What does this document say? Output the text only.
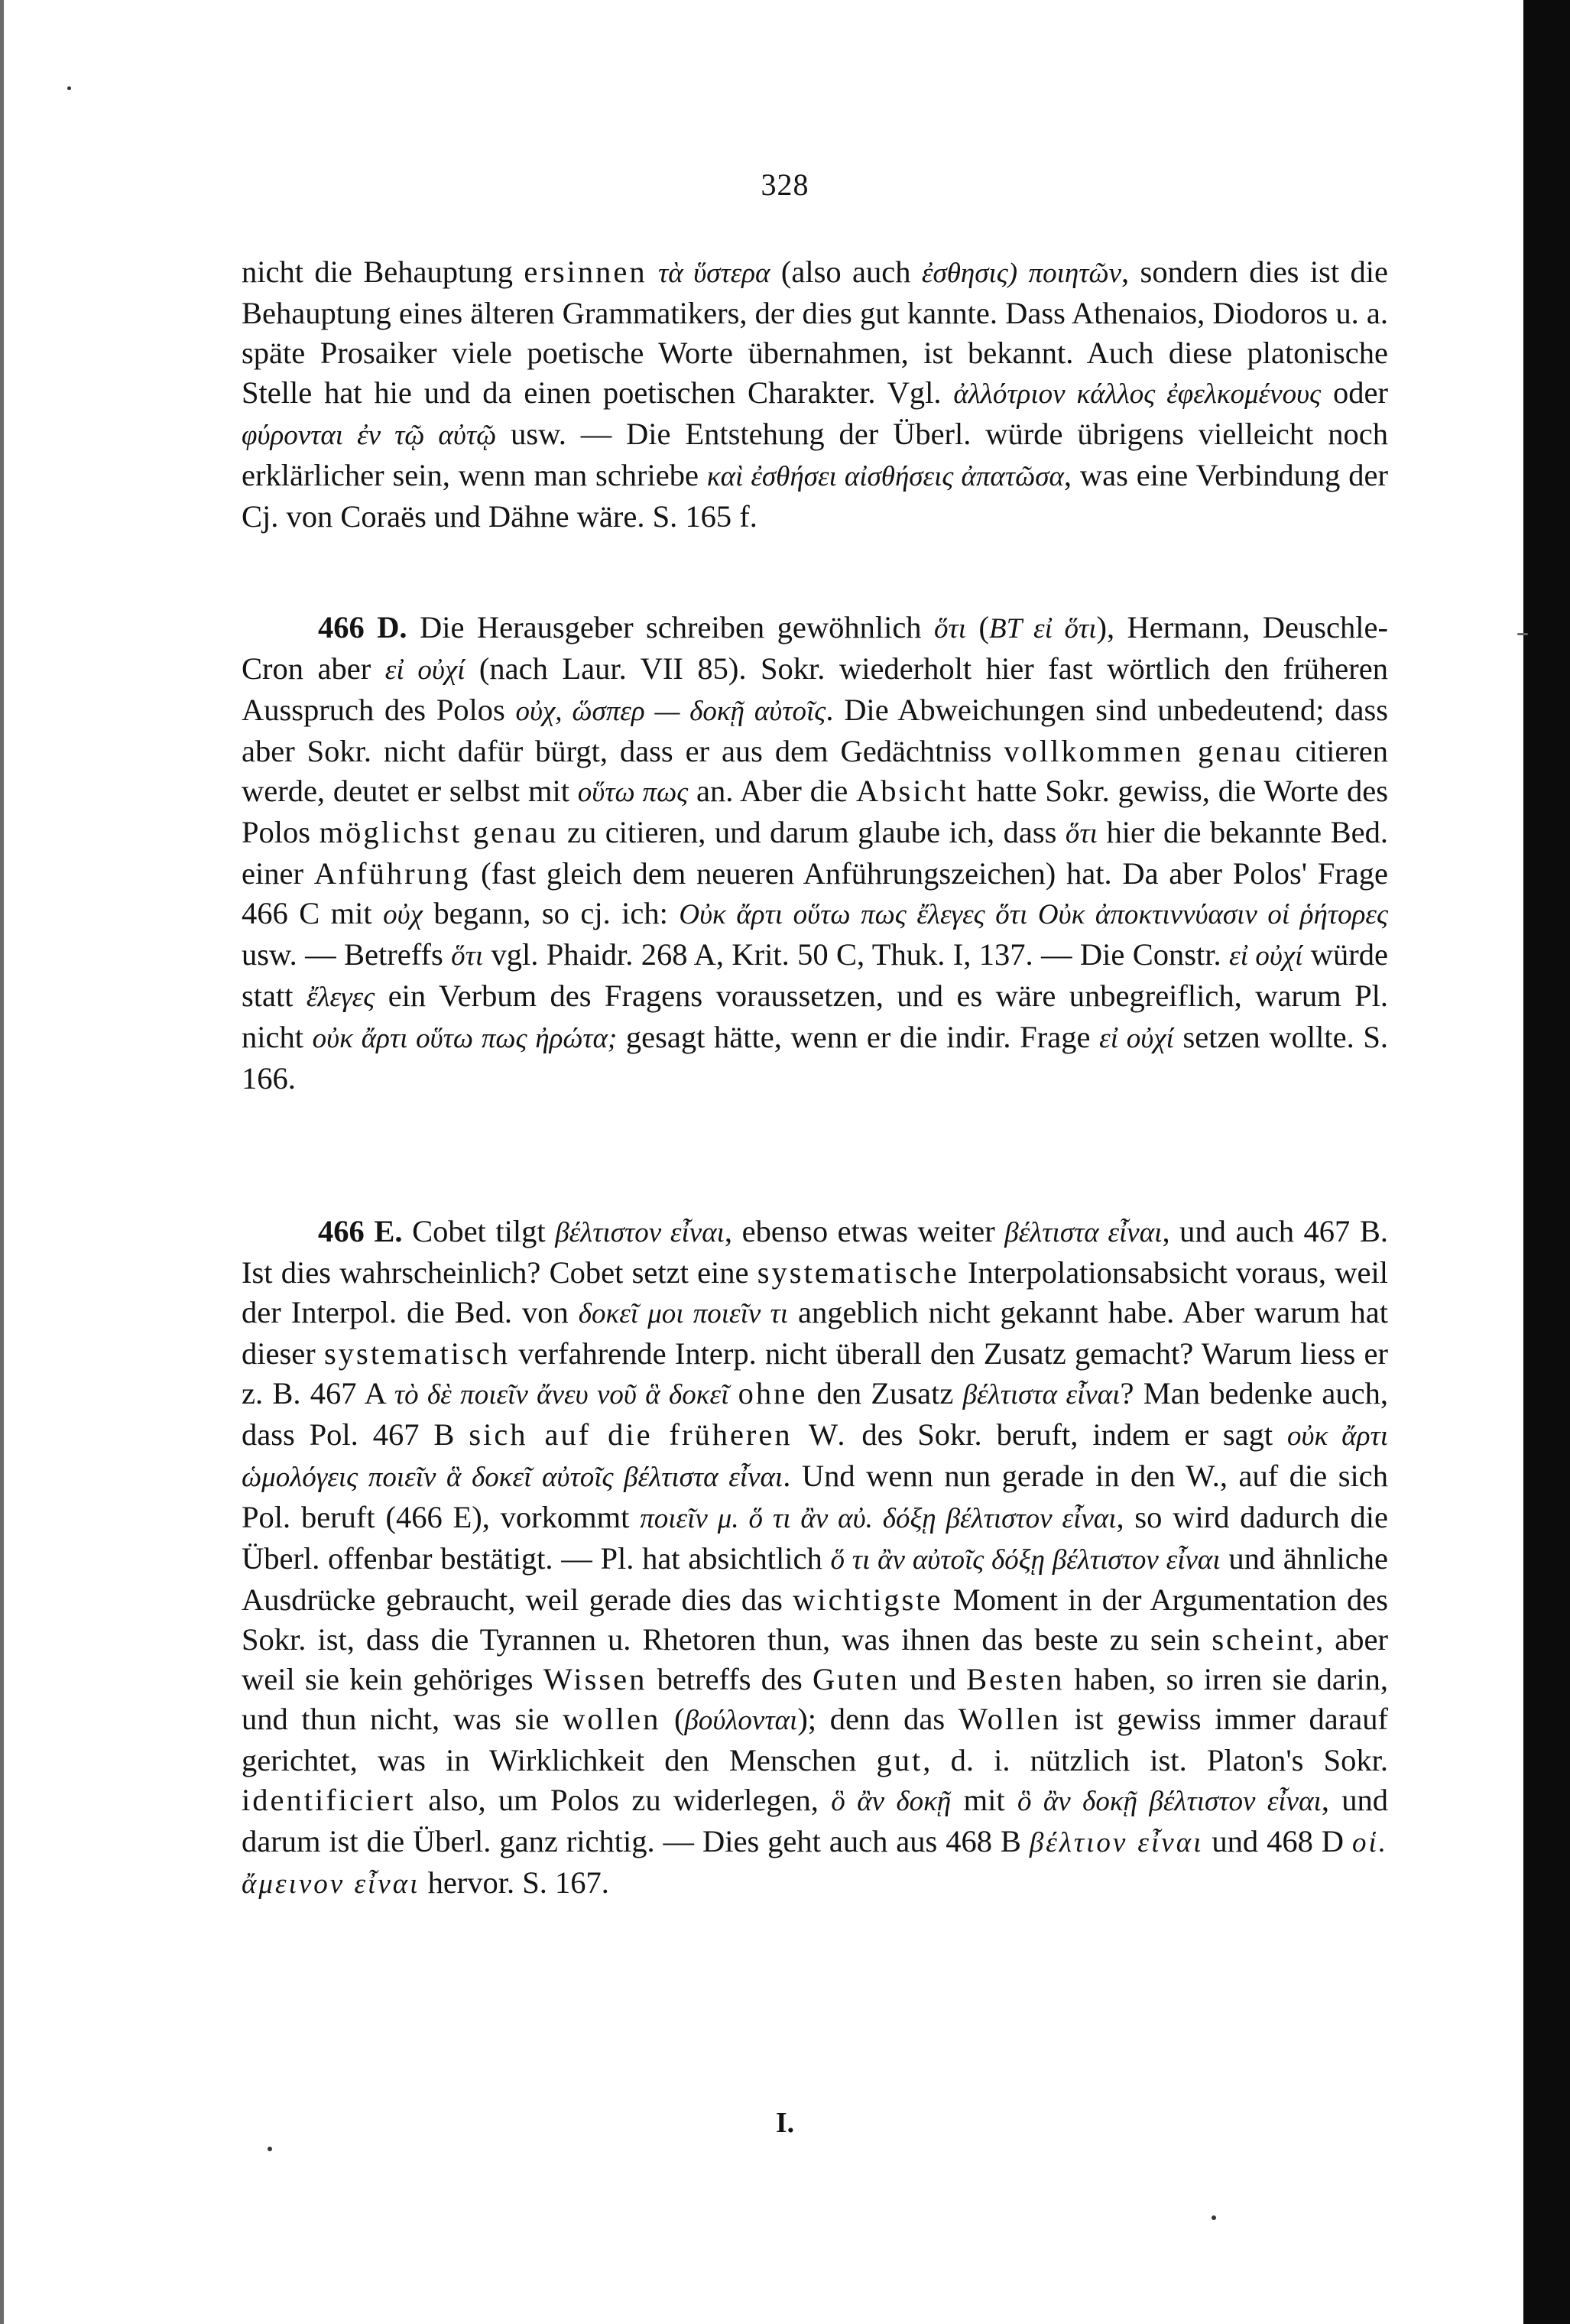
328

nicht die Behauptung ersinnen τὰ ὕστερα (also auch ἐσθησις) ποιητῶν, sondern dies ist die Behauptung eines älteren Grammatikers, der dies gut kannte. Dass Athenaios, Diodoros u. a. späte Prosaiker viele poetische Worte übernahmen, ist bekannt. Auch diese platonische Stelle hat hie und da einen poetischen Charakter. Vgl. ἀλλότριον κάλλος ἐφελκομένους oder φύρονται ἐν τῷ αὐτῷ usw. — Die Entstehung der Überl. würde übrigens vielleicht noch erklärlicher sein, wenn man schriebe καὶ ἐσθήσει αἰσθήσεις ἀπατῶσα, was eine Verbindung der Cj. von Coraës und Dähne wäre. S. 165 f.

466 D. Die Herausgeber schreiben gewöhnlich ὅτι (BT εἰ ὅτι), Hermann, Deuschle-Cron aber εἰ οὐχί (nach Laur. VII 85). Sokr. wiederholt hier fast wörtlich den früheren Ausspruch des Polos οὐχ, ὥσπερ — δοκῇ αὐτοῖς. Die Abweichungen sind unbedeutend; dass aber Sokr. nicht dafür bürgt, dass er aus dem Gedächtniss vollkommen genau citieren werde, deutet er selbst mit οὕτω πως an. Aber die Absicht hatte Sokr. gewiss, die Worte des Polos möglichst genau zu citieren, und darum glaube ich, dass ὅτι hier die bekannte Bed. einer Anführung (fast gleich dem neueren Anführungszeichen) hat. Da aber Polos' Frage 466 C mit οὐχ begann, so cj. ich: Οὐκ ἄρτι οὕτω πως ἔλεγες ὅτι Οὐκ ἀποκτιννύασιν οἱ ῥήτορες usw. — Betreffs ὅτι vgl. Phaidr. 268 A, Krit. 50 C, Thuk. I, 137. — Die Constr. εἰ οὐχί würde statt ἔλεγες ein Verbum des Fragens voraussetzen, und es wäre unbegreiflich, warum Pl. nicht οὐκ ἄρτι οὕτω πως ἠρώτα; gesagt hätte, wenn er die indir. Frage εἰ οὐχί setzen wollte. S. 166.

466 E. Cobet tilgt βέλτιστον εἶναι, ebenso etwas weiter βέλτιστα εἶναι, und auch 467 B. Ist dies wahrscheinlich? Cobet setzt eine systematische Interpolationsabsicht voraus, weil der Interpol. die Bed. von δοκεῖ μοι ποιεῖν τι angeblich nicht gekannt habe. Aber warum hat dieser systematisch verfahrende Interp. nicht überall den Zusatz gemacht? Warum liess er z. B. 467 A τὸ δὲ ποιεῖν ἄνευ νοῦ ἃ δοκεῖ ohne den Zusatz βέλτιστα εἶναι? Man bedenke auch, dass Pol. 467 B sich auf die früheren W. des Sokr. beruft, indem er sagt οὐκ ἄρτι ὡμολόγεις ποιεῖν ἃ δοκεῖ αὐτοῖς βέλτιστα εἶναι. Und wenn nun gerade in den W., auf die sich Pol. beruft (466 E), vorkommt ποιεῖν μ. ὅ τι ἂν αὐ. δόξῃ βέλτιστον εἶναι, so wird dadurch die Überl. offenbar bestätigt. — Pl. hat absichtlich ὅ τι ἂν αὐτοῖς δόξῃ βέλτιστον εἶναι und ähnliche Ausdrücke gebraucht, weil gerade dies das wichtigste Moment in der Argumentation des Sokr. ist, dass die Tyrannen u. Rhetoren thun, was ihnen das beste zu sein scheint, aber weil sie kein gehöriges Wissen betreffs des Guten und Besten haben, so irren sie darin, und thun nicht, was sie wollen (βούλονται); denn das Wollen ist gewiss immer darauf gerichtet, was in Wirklichkeit den Menschen gut, d. i. nützlich ist. Platon's Sokr. identificiert also, um Polos zu widerlegen, ὃ ἂν δοκῇ mit ὃ ἂν δοκῇ βέλτιστον εἶναι, und darum ist die Überl. ganz richtig. — Dies geht auch aus 468 B βέλτιον εἶναι und 468 D οἱ. ἄμεινον εἶναι hervor. S. 167.

I.
